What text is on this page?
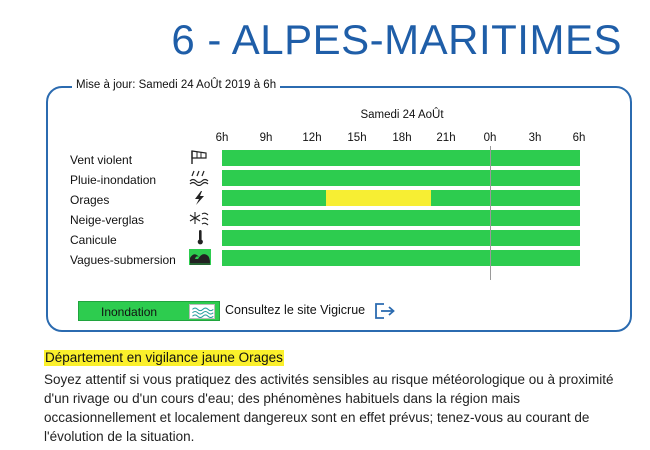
6 - ALPES-MARITIMES
Mise à jour: Samedi 24 AoÛt 2019 à 6h
Samedi 24 AoÛt
6h	9h	12h	15h	18h	21h	0h	3h	6h
Vent violent
Pluie-inondation
Orages
Neige-verglas
Canicule
Vagues-submersion
Inondation	Consultez le site Vigicrue
Département en vigilance jaune Orages
Soyez attentif si vous pratiquez des activités sensibles au risque météorologique ou à proximité d'un rivage ou d'un cours d'eau; des phénomènes habituels dans la région mais occasionnellement et localement dangereux sont en effet prévus; tenez-vous au courant de l'évolution de la situation.
